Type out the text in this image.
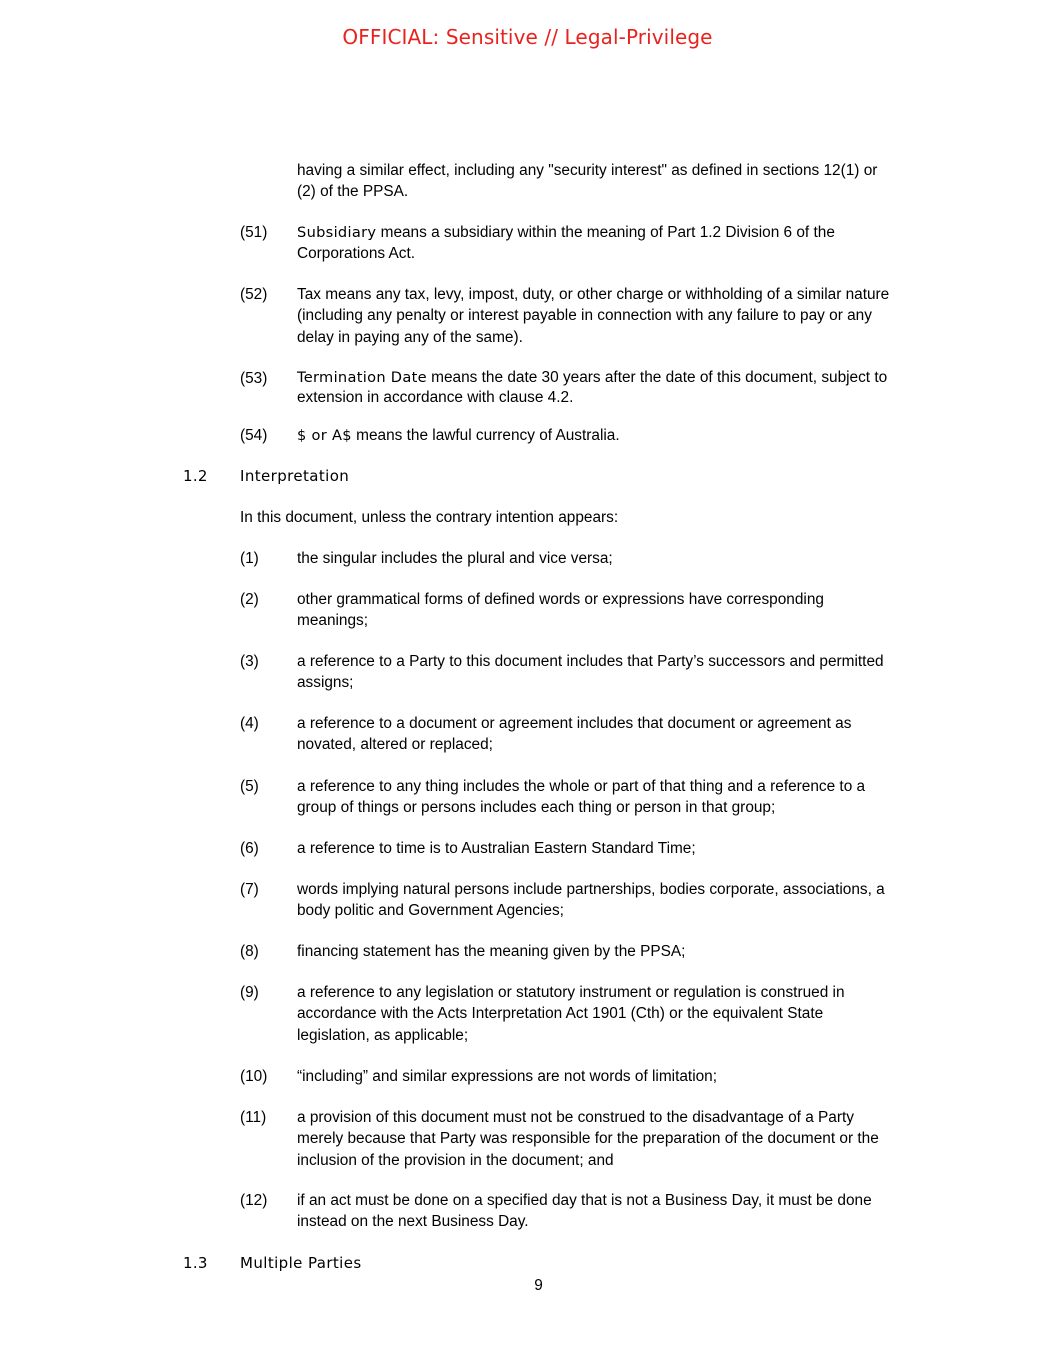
OFFICIAL: Sensitive // Legal-Privilege
having a similar effect, including any "security interest" as defined in sections 12(1) or (2) of the PPSA.
(51) Subsidiary means a subsidiary within the meaning of Part 1.2 Division 6 of the Corporations Act.
(52) Tax means any tax, levy, impost, duty, or other charge or withholding of a similar nature (including any penalty or interest payable in connection with any failure to pay or any delay in paying any of the same).
(53) Termination Date means the date 30 years after the date of this document, subject to extension in accordance with clause 4.2.
(54) $ or A$ means the lawful currency of Australia.
1.2 Interpretation
In this document, unless the contrary intention appears:
(1) the singular includes the plural and vice versa;
(2) other grammatical forms of defined words or expressions have corresponding meanings;
(3) a reference to a Party to this document includes that Party’s successors and permitted assigns;
(4) a reference to a document or agreement includes that document or agreement as novated, altered or replaced;
(5) a reference to any thing includes the whole or part of that thing and a reference to a group of things or persons includes each thing or person in that group;
(6) a reference to time is to Australian Eastern Standard Time;
(7) words implying natural persons include partnerships, bodies corporate, associations, a body politic and Government Agencies;
(8) financing statement has the meaning given by the PPSA;
(9) a reference to any legislation or statutory instrument or regulation is construed in accordance with the Acts Interpretation Act 1901 (Cth) or the equivalent State legislation, as applicable;
(10) “including” and similar expressions are not words of limitation;
(11) a provision of this document must not be construed to the disadvantage of a Party merely because that Party was responsible for the preparation of the document or the inclusion of the provision in the document; and
(12) if an act must be done on a specified day that is not a Business Day, it must be done instead on the next Business Day.
1.3 Multiple Parties
9
